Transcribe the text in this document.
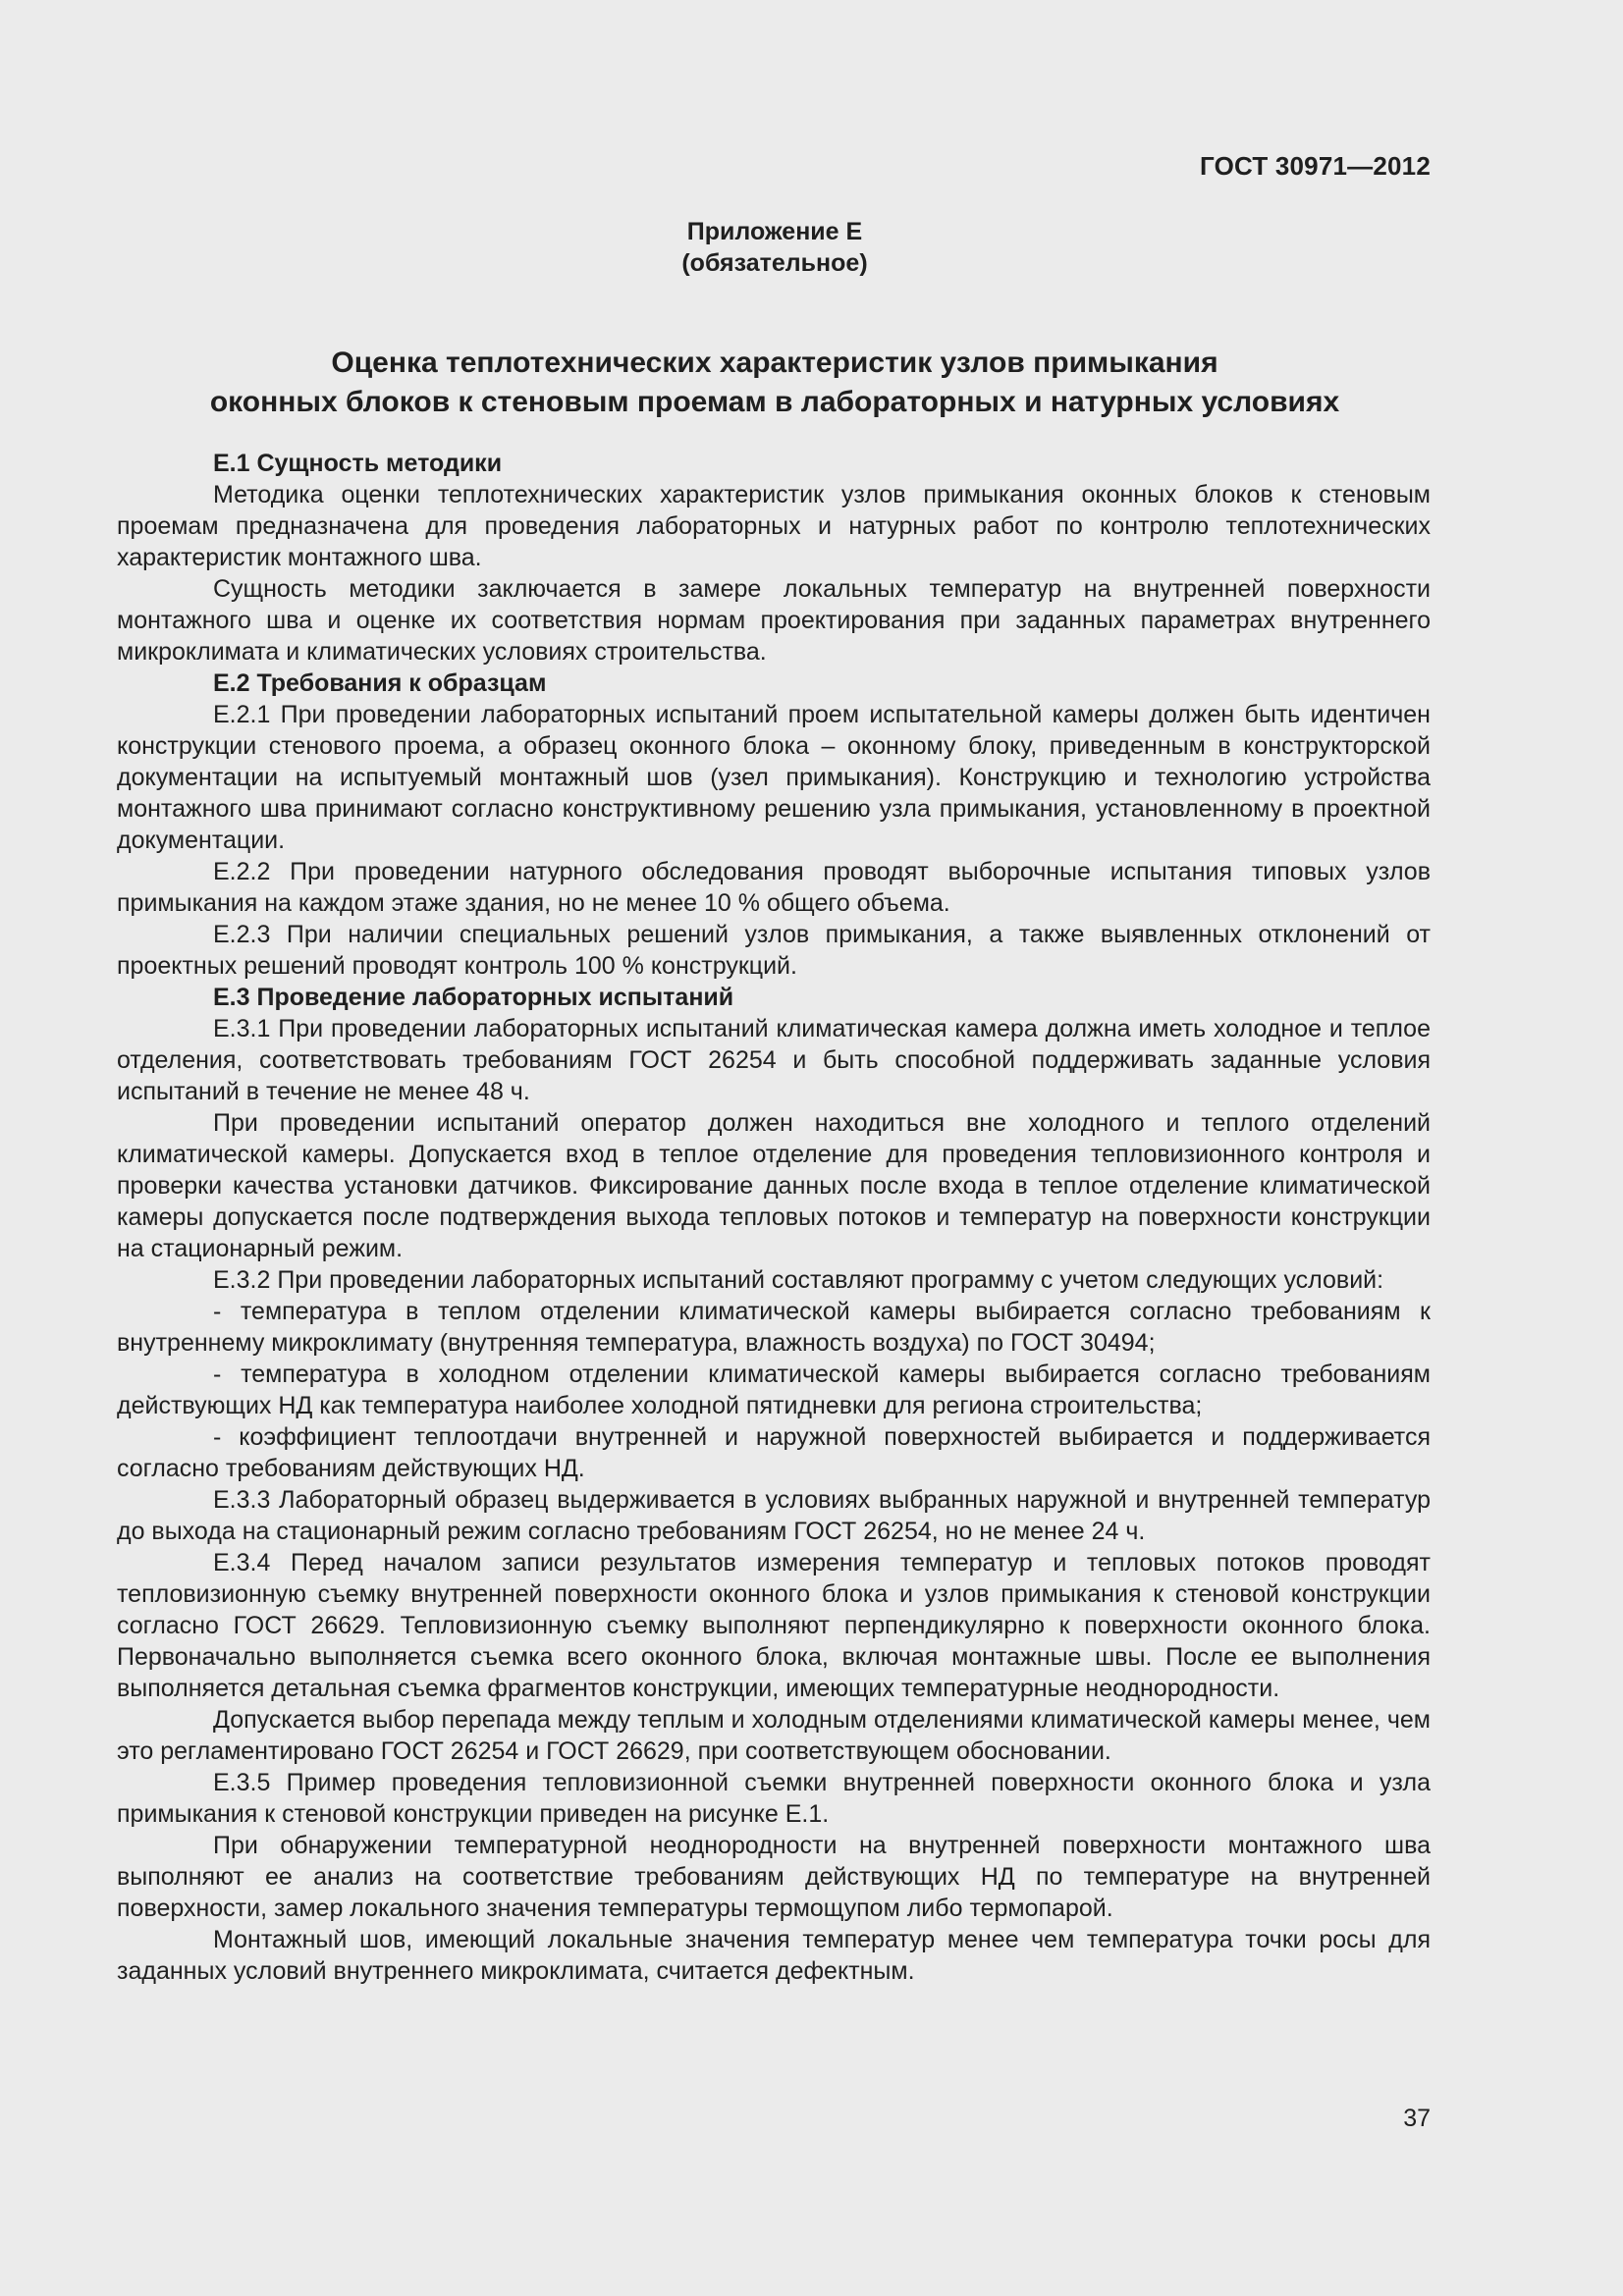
ГОСТ 30971—2012
Приложение Е
(обязательное)
Оценка теплотехнических характеристик узлов примыкания
оконных блоков к стеновым проемам в лабораторных и натурных условиях

Е.1 Сущность методики

Методика оценки теплотехнических характеристик узлов примыкания оконных блоков к стеновым проемам предназначена для проведения лабораторных и натурных работ по контролю теплотехнических характеристик монтажного шва.

Сущность методики заключается в замере локальных температур на внутренней поверхности монтажного шва и оценке их соответствия нормам проектирования при заданных параметрах внутреннего микроклимата и климатических условиях строительства.

Е.2 Требования к образцам

Е.2.1 При проведении лабораторных испытаний проем испытательной камеры должен быть идентичен конструкции стенового проема, а образец оконного блока – оконному блоку, приведенным в конструкторской документации на испытуемый монтажный шов (узел примыкания). Конструкцию и технологию устройства монтажного шва принимают согласно конструктивному решению узла примыкания, установленному в проектной документации.

Е.2.2 При проведении натурного обследования проводят выборочные испытания типовых узлов примыкания на каждом этаже здания, но не менее 10 % общего объема.

Е.2.3 При наличии специальных решений узлов примыкания, а также выявленных отклонений от проектных решений проводят контроль 100 % конструкций.

Е.3 Проведение лабораторных испытаний

Е.3.1 При проведении лабораторных испытаний климатическая камера должна иметь холодное и теплое отделения, соответствовать требованиям ГОСТ 26254 и быть способной поддерживать заданные условия испытаний в течение не менее 48 ч.

При проведении испытаний оператор должен находиться вне холодного и теплого отделений климатической камеры. Допускается вход в теплое отделение для проведения тепловизионного контроля и проверки качества установки датчиков. Фиксирование данных после входа в теплое отделение климатической камеры допускается после подтверждения выхода тепловых потоков и температур на поверхности конструкции на стационарный режим.

Е.3.2 При проведении лабораторных испытаний составляют программу с учетом следующих условий:

- температура в теплом отделении климатической камеры выбирается согласно требованиям к внутреннему микроклимату (внутренняя температура, влажность воздуха) по ГОСТ 30494;

- температура в холодном отделении климатической камеры выбирается согласно требованиям действующих НД как температура наиболее холодной пятидневки для региона строительства;

- коэффициент теплоотдачи внутренней и наружной поверхностей выбирается и поддерживается согласно требованиям действующих НД.

Е.3.3 Лабораторный образец выдерживается в условиях выбранных наружной и внутренней температур до выхода на стационарный режим согласно требованиям ГОСТ 26254, но не менее 24 ч.

Е.3.4 Перед началом записи результатов измерения температур и тепловых потоков проводят тепловизионную съемку внутренней поверхности оконного блока и узлов примыкания к стеновой конструкции согласно ГОСТ 26629. Тепловизионную съемку выполняют перпендикулярно к поверхности оконного блока. Первоначально выполняется съемка всего оконного блока, включая монтажные швы. После ее выполнения выполняется детальная съемка фрагментов конструкции, имеющих температурные неоднородности.

Допускается выбор перепада между теплым и холодным отделениями климатической камеры менее, чем это регламентировано ГОСТ 26254 и ГОСТ 26629, при соответствующем обосновании.

Е.3.5 Пример проведения тепловизионной съемки внутренней поверхности оконного блока и узла примыкания к стеновой конструкции приведен на рисунке Е.1.

При обнаружении температурной неоднородности на внутренней поверхности монтажного шва выполняют ее анализ на соответствие требованиям действующих НД по температуре на внутренней поверхности, замер локального значения температуры термощупом либо термопарой.

Монтажный шов, имеющий локальные значения температур менее чем температура точки росы для заданных условий внутреннего микроклимата, считается дефектным.

37
